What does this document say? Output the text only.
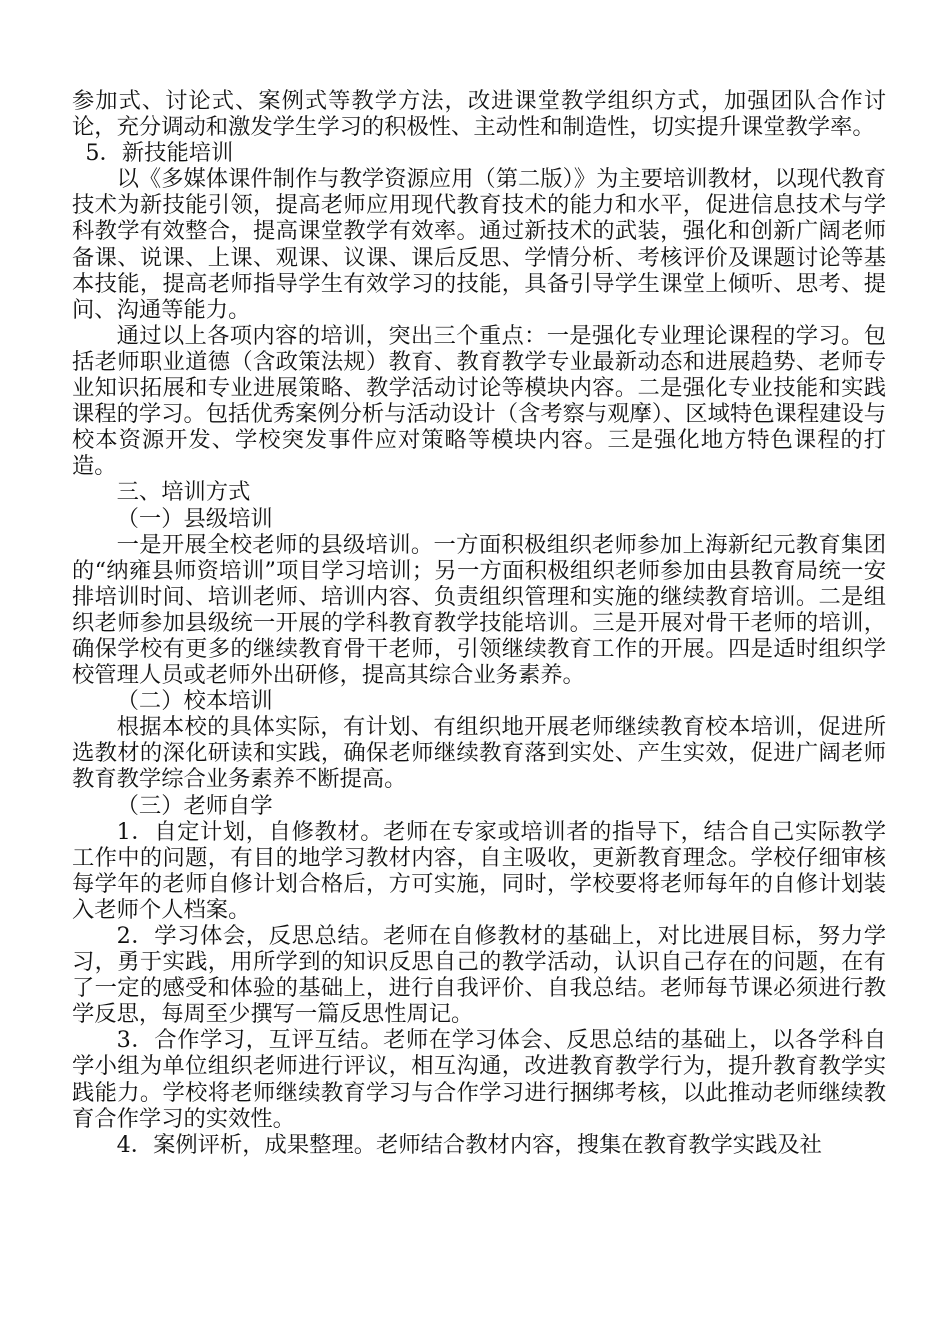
参加式、讨论式、案例式等教学方法，改进课堂教学组织方式，加强团队合作讨论，充分调动和激发学生学习的积极性、主动性和制造性，切实提升课堂教学率。

5．新技能培训

以《多媒体课件制作与教学资源应用（第二版）》为主要培训教材，以现代教育技术为新技能引领，提高老师应用现代教育技术的能力和水平，促进信息技术与学科教学有效整合，提高课堂教学有效率。通过新技术的武装，强化和创新广阔老师备课、说课、上课、观课、议课、课后反思、学情分析、考核评价及课题讨论等基本技能，提高老师指导学生有效学习的技能，具备引导学生课堂上倾听、思考、提问、沟通等能力。

通过以上各项内容的培训，突出三个重点：一是强化专业理论课程的学习。包括老师职业道德（含政策法规）教育、教育教学专业最新动态和进展趋势、老师专业知识拓展和专业进展策略、教学活动讨论等模块内容。二是强化专业技能和实践课程的学习。包括优秀案例分析与活动设计（含考察与观摩）、区域特色课程建设与校本资源开发、学校突发事件应对策略等模块内容。三是强化地方特色课程的打造。

三、培训方式

（一）县级培训

一是开展全校老师的县级培训。一方面积极组织老师参加上海新纪元教育集团的“纳雍县师资培训”项目学习培训；另一方面积极组织老师参加由县教育局统一安排培训时间、培训老师、培训内容、负责组织管理和实施的继续教育培训。二是组织老师参加县级统一开展的学科教育教学技能培训。三是开展对骨干老师的培训，确保学校有更多的继续教育骨干老师，引领继续教育工作的开展。四是适时组织学校管理人员或老师外出研修，提高其综合业务素养。

（二）校本培训

根据本校的具体实际，有计划、有组织地开展老师继续教育校本培训，促进所选教材的深化研读和实践，确保老师继续教育落到实处、产生实效，促进广阔老师教育教学综合业务素养不断提高。

（三）老师自学

1．自定计划，自修教材。老师在专家或培训者的指导下，结合自己实际教学工作中的问题，有目的地学习教材内容，自主吸收，更新教育理念。学校仔细审核每学年的老师自修计划合格后，方可实施，同时，学校要将老师每年的自修计划装入老师个人档案。

2．学习体会，反思总结。老师在自修教材的基础上，对比进展目标，努力学习，勇于实践，用所学到的知识反思自己的教学活动，认识自己存在的问题，在有了一定的感受和体验的基础上，进行自我评价、自我总结。老师每节课必须进行教学反思，每周至少撰写一篇反思性周记。

3．合作学习，互评互结。老师在学习体会、反思总结的基础上，以各学科自学小组为单位组织老师进行评议，相互沟通，改进教育教学行为，提升教育教学实践能力。学校将老师继续教育学习与合作学习进行捆绑考核，以此推动老师继续教育合作学习的实效性。

4．案例评析，成果整理。老师结合教材内容，搜集在教育教学实践及社
